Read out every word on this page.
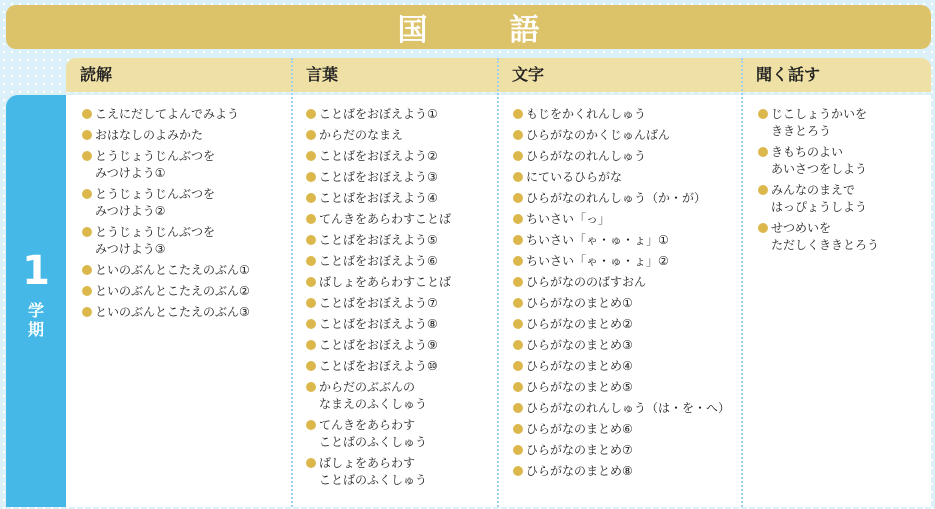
国　語
読解	言葉	文字	聞く話す
1
学
期
こえにだしてよんでみよう
おはなしのよみかた
とうじょうじんぶつを
みつけよう①
とうじょうじんぶつを
みつけよう②
とうじょうじんぶつを
みつけよう③
といのぶんとこたえのぶん①
といのぶんとこたえのぶん②
といのぶんとこたえのぶん③
ことばをおぼえよう①
からだのなまえ
ことばをおぼえよう②
ことばをおぼえよう③
ことばをおぼえよう④
てんきをあらわすことば
ことばをおぼえよう⑤
ことばをおぼえよう⑥
ばしょをあらわすことば
ことばをおぼえよう⑦
ことばをおぼえよう⑧
ことばをおぼえよう⑨
ことばをおぼえよう⑩
からだのぶぶんの
なまえのふくしゅう
てんきをあらわす
ことばのふくしゅう
ばしょをあらわす
ことばのふくしゅう
もじをかくれんしゅう
ひらがなのかくじゅんばん
ひらがなのれんしゅう
にているひらがな
ひらがなのれんしゅう（か・が）
ちいさい「っ」
ちいさい「ゃ・ゅ・ょ」①
ちいさい「ゃ・ゅ・ょ」②
ひらがなののばすおん
ひらがなのまとめ①
ひらがなのまとめ②
ひらがなのまとめ③
ひらがなのまとめ④
ひらがなのまとめ⑤
ひらがなのれんしゅう（は・を・へ）
ひらがなのまとめ⑥
ひらがなのまとめ⑦
ひらがなのまとめ⑧
じこしょうかいを
ききとろう
きもちのよい
あいさつをしよう
みんなのまえで
はっぴょうしよう
せつめいを
ただしくききとろう
